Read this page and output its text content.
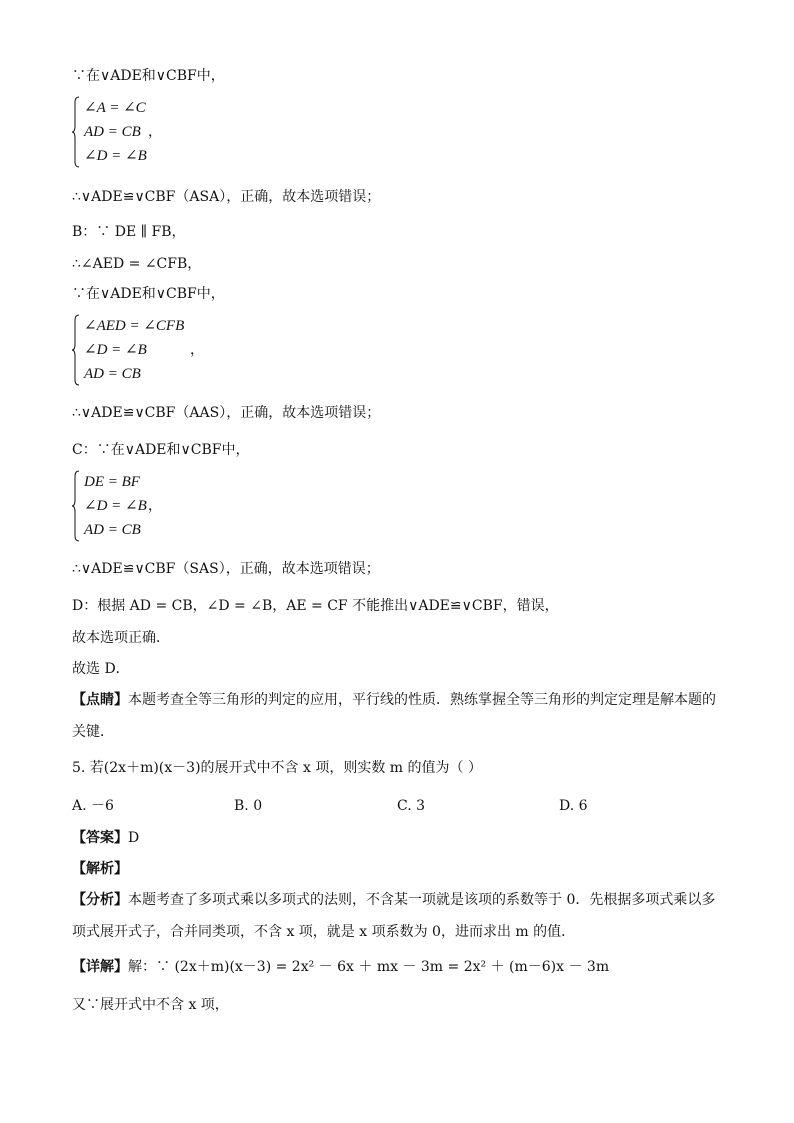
∵在∨ADE和∨CBF中，
∠A = ∠C
AD = CB
∠D = ∠B
，
∴∨ADE≌∨CBF（ASA），正确，故本选项错误；
B：∵ DE ∥ FB，
∴∠AED = ∠CFB，
∵在∨ADE和∨CBF中，
∠AED = ∠CFB
∠D = ∠B
AD = CB
，
∴∨ADE≌∨CBF（AAS），正确，故本选项错误；
C：∵在∨ADE和∨CBF中，
DE = BF
∠D = ∠B
AD = CB
，
∴∨ADE≌∨CBF（SAS），正确，故本选项错误；
D：根据 AD = CB，∠D = ∠B，AE = CF 不能推出∨ADE≌∨CBF，错误，
故本选项正确．
故选 D．
【点睛】本题考查全等三角形的判定的应用，平行线的性质．熟练掌握全等三角形的判定定理是解本题的
关键．
5. 若(2x＋m)(x－3)的展开式中不含 x 项，则实数 m 的值为（ ）
A. －6	B. 0	C. 3	D. 6
【答案】D
【解析】
【分析】本题考查了多项式乘以多项式的法则，不含某一项就是该项的系数等于 0．先根据多项式乘以多
项式展开式子，合并同类项，不含 x 项，就是 x 项系数为 0，进而求出 m 的值．
【详解】解：∵ (2x＋m)(x－3) = 2x² － 6x ＋ mx － 3m = 2x² ＋ (m－6)x － 3m
又∵展开式中不含 x 项，
